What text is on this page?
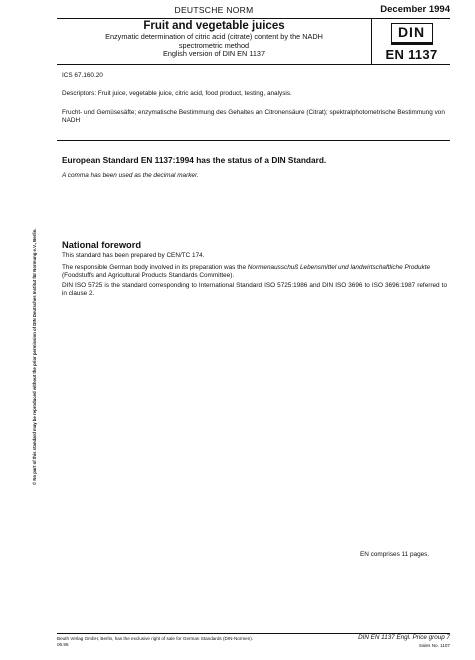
DEUTSCHE NORM	December 1994
Fruit and vegetable juices
Enzymatic determination of citric acid (citrate) content by the NADH
spectrometric method
English version of DIN EN 1137
DIN
EN 1137
ICS 67.160.20
Descriptors: Fruit juice, vegetable juice, citric acid, food product, testing, analysis.
Frucht- und Gemüsesäfte; enzymatische Bestimmung des Gehaltes an Citronensäure (Citrat); spektralphotometrische Bestimmung von NADH
European Standard EN 1137:1994 has the status of a DIN Standard.
A comma has been used as the decimal marker.
National foreword
This standard has been prepared by CEN/TC 174.
The responsible German body involved in its preparation was the Normenausschuß Lebensmittel und landwirtschaftliche Produkte (Foodstuffs and Agricultural Products Standards Committee).
DIN ISO 5725 is the standard corresponding to International Standard ISO 5725:1986 and DIN ISO 3696 to ISO 3696:1987 referred to in clause 2.
EN comprises 11 pages.
© No part of this standard may be reproduced without the prior permission of DIN Deutsches Institut für Normung e.V., Berlin.
Beuth Verlag GmbH, Berlin, has the exclusive right of sale for German Standards (DIN-Normen).
06.95
DIN EN 1137 Engl. Price group 7
Sales No. 1107
